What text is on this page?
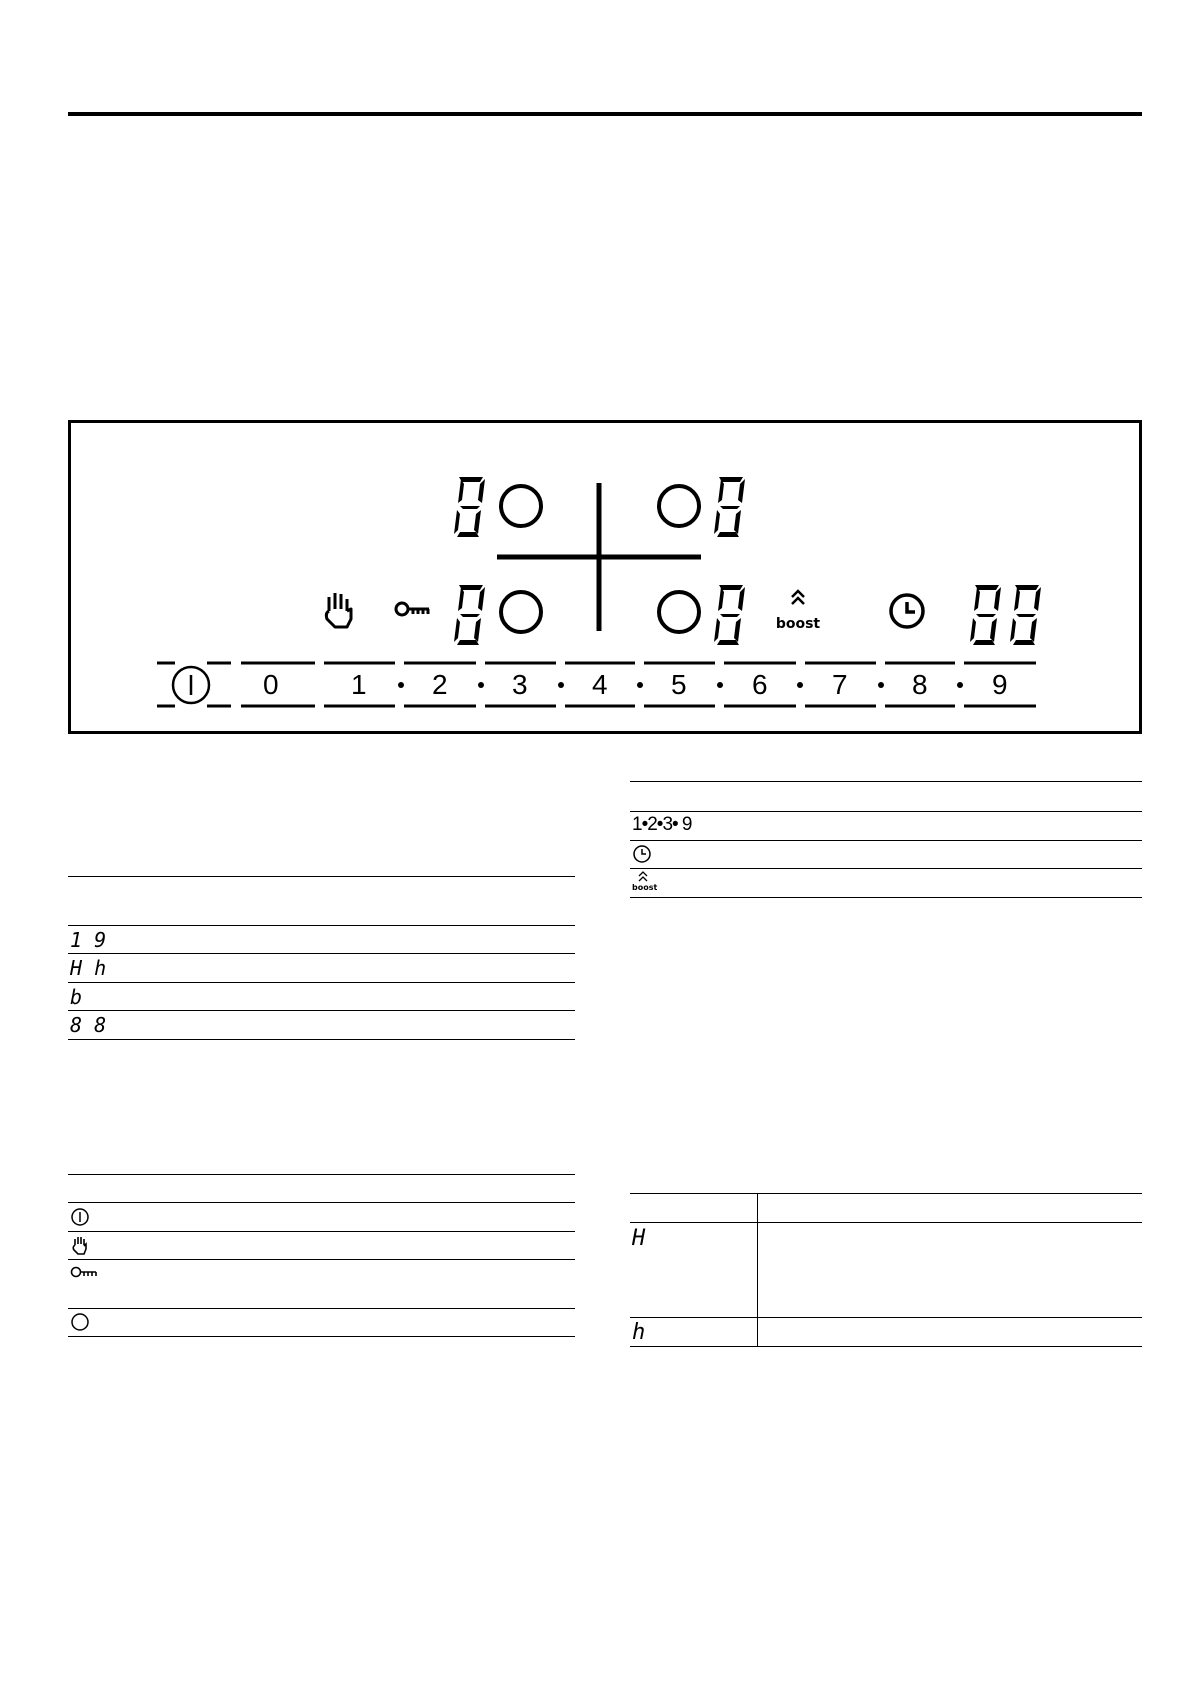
boost
0	1 2 3 4 5 6 7 8 9
1 9
H h
b
8 8
1•2•3• 9
boost
H
h
